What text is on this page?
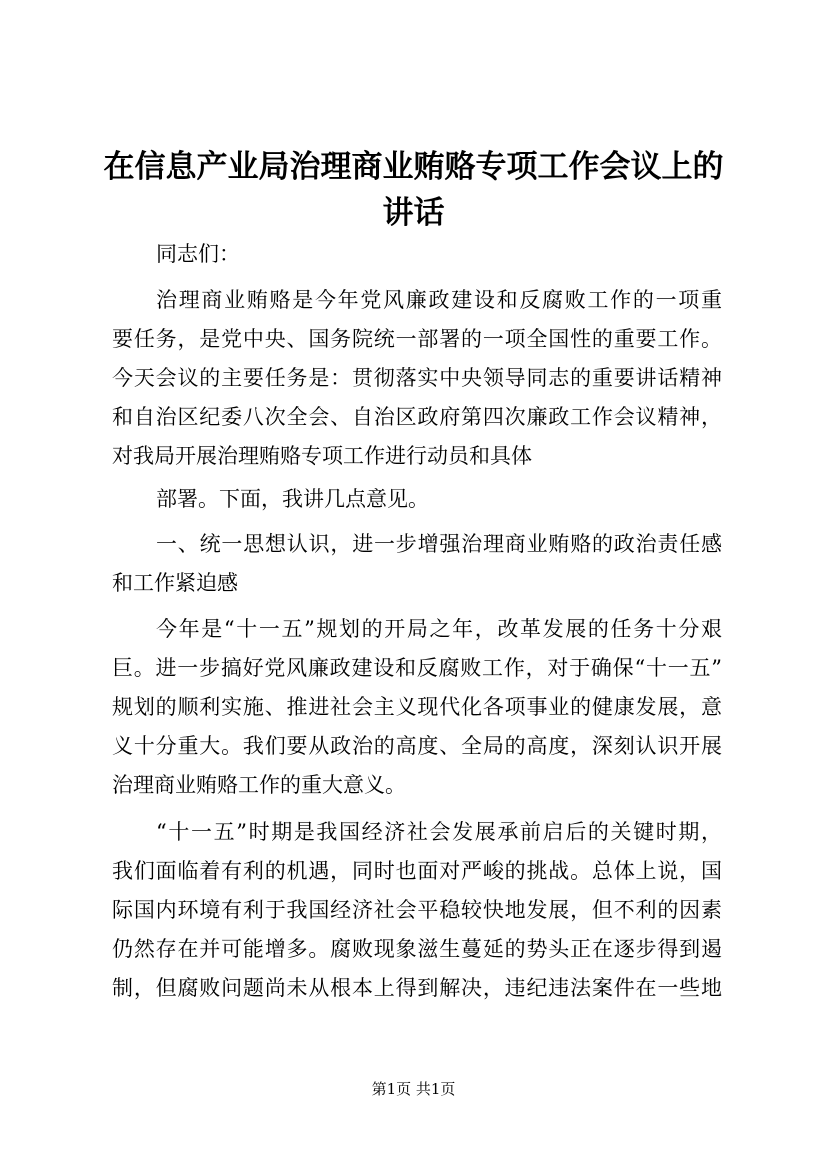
在信息产业局治理商业贿赂专项工作会议上的
讲话

同志们：

治理商业贿赂是今年党风廉政建设和反腐败工作的一项重

要任务，是党中央、国务院统一部署的一项全国性的重要工作。

今天会议的主要任务是：贯彻落实中央领导同志的重要讲话精神

和自治区纪委八次全会、自治区政府第四次廉政工作会议精神，

对我局开展治理贿赂专项工作进行动员和具体

部署。下面，我讲几点意见。

一、统一思想认识，进一步增强治理商业贿赂的政治责任感

和工作紧迫感

今年是“十一五”规划的开局之年，改革发展的任务十分艰

巨。进一步搞好党风廉政建设和反腐败工作，对于确保“十一五”

规划的顺利实施、推进社会主义现代化各项事业的健康发展，意

义十分重大。我们要从政治的高度、全局的高度，深刻认识开展

治理商业贿赂工作的重大意义。

“十一五”时期是我国经济社会发展承前启后的关键时期，

我们面临着有利的机遇，同时也面对严峻的挑战。总体上说，国

际国内环境有利于我国经济社会平稳较快地发展，但不利的因素

仍然存在并可能增多。腐败现象滋生蔓延的势头正在逐步得到遏

制，但腐败问题尚未从根本上得到解决，违纪违法案件在一些地

第1页 共1页
